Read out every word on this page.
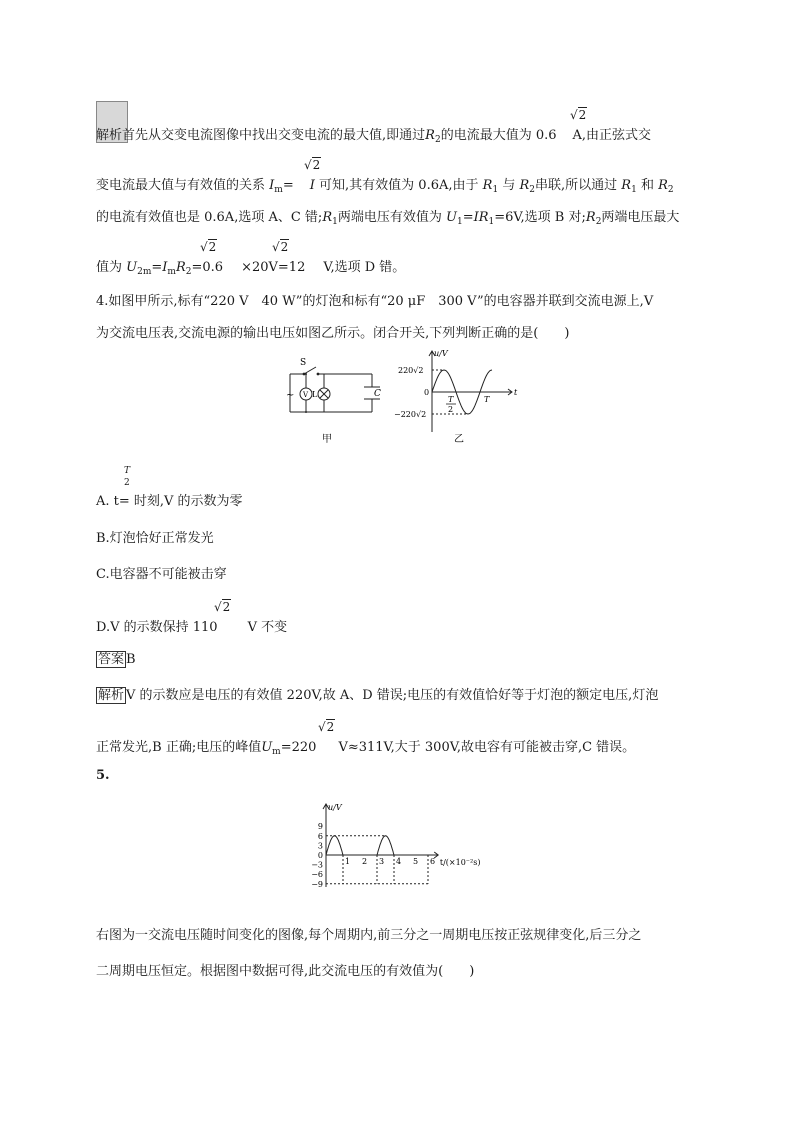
解析首先从交变电流图像中找出交变电流的最大值,即通过$R_2$的电流最大值为 0.6 A,由正弦式交
√2
变电流最大值与有效值的关系 $I_m= I$ 可知,其有效值为 0.6A,由于 $R_1$ 与 $R_2$串联,所以通过 $R_1$ 和 $R_2$
√2
的电流有效值也是 0.6A,选项 A、C 错$;R_1$两端电压有效值为 $U_1=IR_1=6V$,选项 B 对$;R_2$两端电压最大
值为 $U_{2m}=I_mR_2=0.6 \times 20V=12$ V,选项 D 错。
√2	√2
4.如图甲所示,标有“220 V　40 W”的灯泡和标有“20 μF　300 V”的电容器并联到交流电源上,V
为交流电压表,交流电源的输出电压如图乙所示。闭合开关,下列判断正确的是(　　)
~
S
V L	C
甲
u/V
220√2
0
−220√2
T
2
T
t
乙
T
2
A. t= 时刻,V 的示数为零
B.灯泡恰好正常发光
C.电容器不可能被击穿
D.V 的示数保持 110 V 不变
√2
答案 B
解析 V 的示数应是电压的有效值 220V,故 A、D 错误;电压的有效值恰好等于灯泡的额定电压,灯泡
正常发光,B 正确;电压的峰值$U_m=220$ V≈311V,大于 300V,故电容有可能被击穿,C 错误。
√2
5.
u/V
9
6
3
0
−3
−6
−9
1 2 3 4 5 6 t/(×10⁻²s)
右图为一交流电压随时间变化的图像,每个周期内,前三分之一周期电压按正弦规律变化,后三分之
二周期电压恒定。根据图中数据可得,此交流电压的有效值为(　　)
